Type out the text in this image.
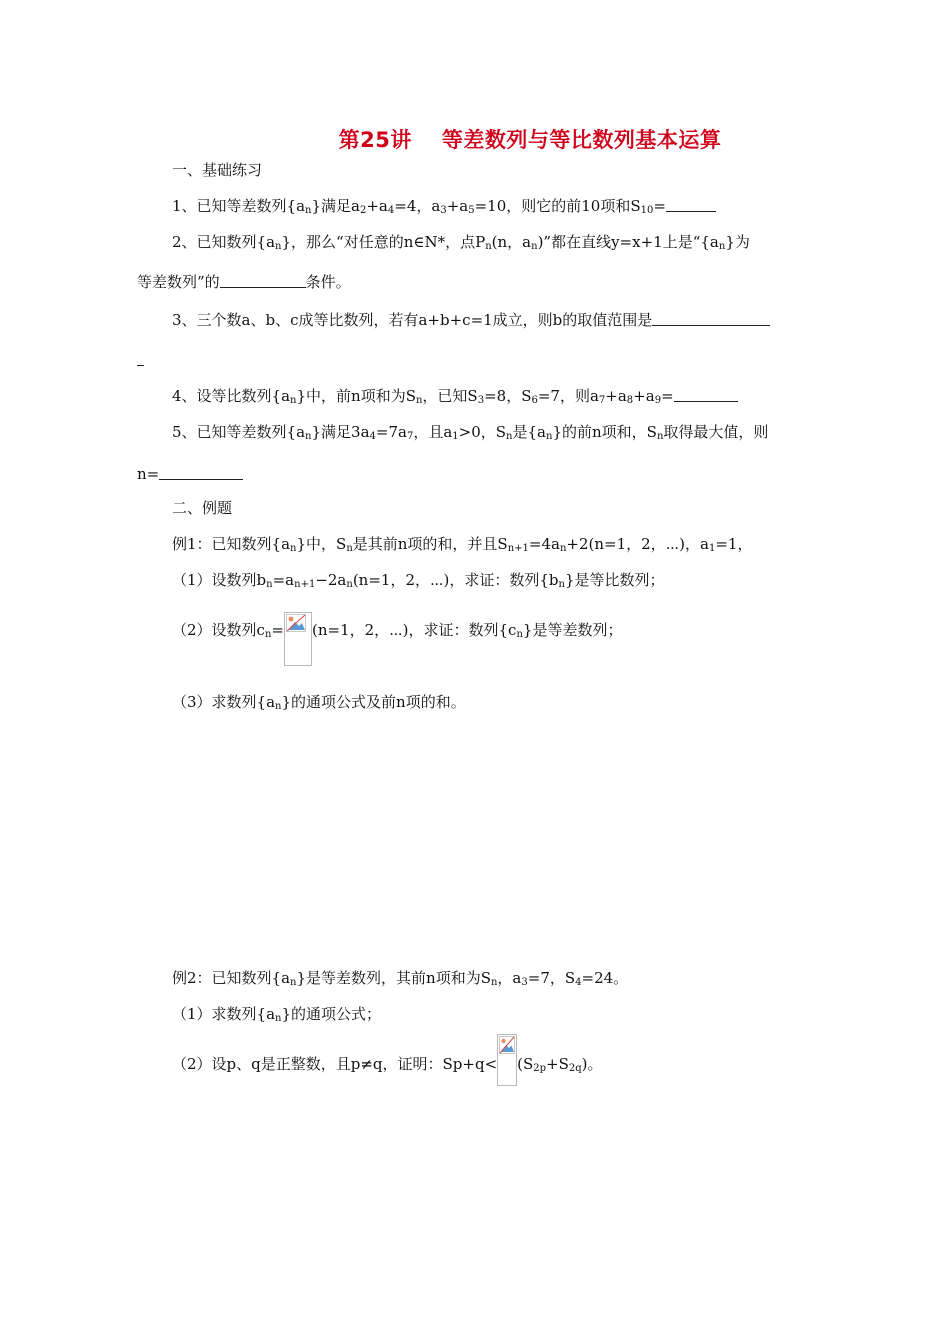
第25讲 等差数列与等比数列基本运算
一、基础练习
1、已知等差数列$\{a_n\}$满足$a_2+a_4=4$，$a_3+a_5=10$，则它的前10项和$S_{10}=$
2、已知数列$\{a_n\}$，那么“对任意的n∈N*，点$P_n(n$，$a_n$)”都在直线y=x+1上是“$\{a_n\}$为
等差数列”的	条件。
3、三个数a、b、c成等比数列，若有a+b+c=1成立，则b的取值范围是
4、设等比数列$\{a_n\}$中，前n项和为$S_n$，已知$S_3=8$，$S_6=7$，则$a_7+a_8+a_9=$
5、已知等差数列$\{a_n\}$满足$3a_4=7a_7$，且$a_1>0$，$S_n$是$\{a_n\}$的前n项和，$S_n$取得最大值，则
n=
二、例题
例1：已知数列$\{a_n\}$中，$S_n$是其前n项的和，并且$S_{n+1}=4a_n+2(n=1$，2，⋯)，$a_1=1$，
（1）设数列$b_n=a_{n+1}-2a_n(n=1$，2，⋯)，求证：数列$\{b_n\}$是等比数列；
（2）设数列$c_n= (n=1$，2，⋯)，求证：数列$\{c_n\}$是等差数列；
（3）求数列$\{a_n\}$的通项公式及前n项的和。
例2：已知数列$\{a_n\}$是等差数列，其前n项和为$S_n$，$a_3=7$，$S_4=24$。
（1）求数列$\{a_n\}$的通项公式；
（2）设p、q是正整数，且p≠q，证明：$Sp+q< (S_{2p}+S_{2q})$。
